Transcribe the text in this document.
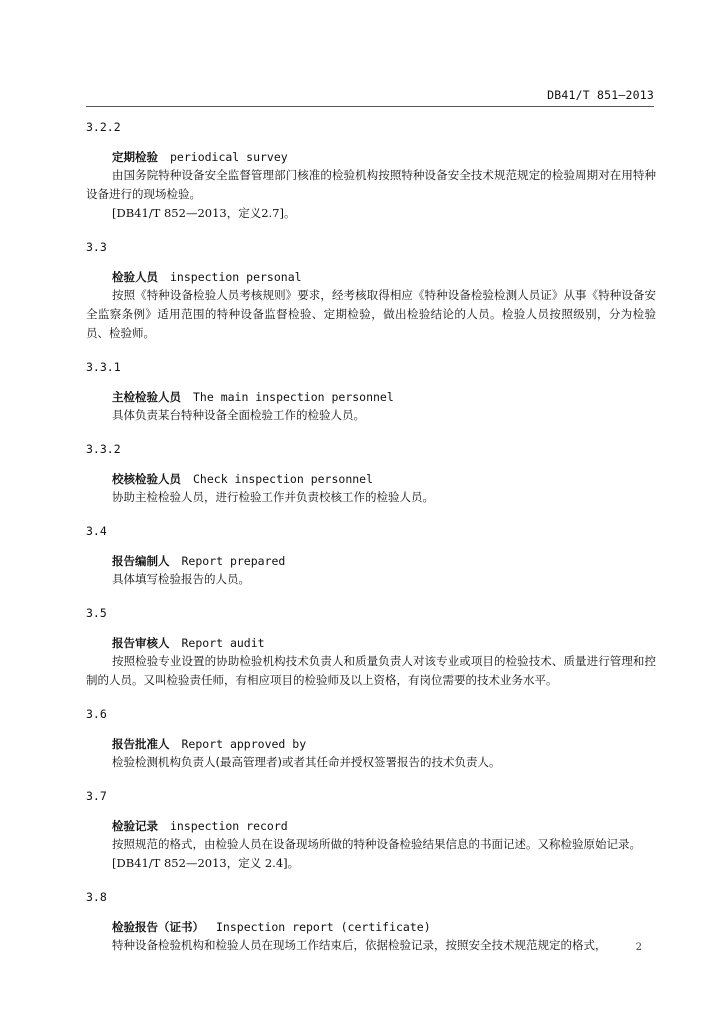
DB41/T 851—2013

3.2.2

定期检验 periodical survey

由国务院特种设备安全监督管理部门核准的检验机构按照特种设备安全技术规范规定的检验周期对在用特种设备进行的现场检验。

[DB41/T 852—2013，定义2.7]。

3.3

检验人员 inspection personal

按照《特种设备检验人员考核规则》要求，经考核取得相应《特种设备检验检测人员证》从事《特种设备安全监察条例》适用范围的特种设备监督检验、定期检验，做出检验结论的人员。检验人员按照级别，分为检验员、检验师。

3.3.1

主检检验人员 The main inspection personnel

具体负责某台特种设备全面检验工作的检验人员。

3.3.2

校核检验人员 Check inspection personnel

协助主检检验人员，进行检验工作并负责校核工作的检验人员。

3.4

报告编制人 Report prepared

具体填写检验报告的人员。

3.5

报告审核人 Report audit

按照检验专业设置的协助检验机构技术负责人和质量负责人对该专业或项目的检验技术、质量进行管理和控制的人员。又叫检验责任师，有相应项目的检验师及以上资格，有岗位需要的技术业务水平。

3.6

报告批准人 Report approved by

检验检测机构负责人(最高管理者)或者其任命并授权签署报告的技术负责人。

3.7

检验记录 inspection record

按照规范的格式，由检验人员在设备现场所做的特种设备检验结果信息的书面记述。又称检验原始记录。

[DB41/T 852—2013，定义 2.4]。

3.8

检验报告（证书） Inspection report (certificate)

特种设备检验机构和检验人员在现场工作结束后，依据检验记录，按照安全技术规范规定的格式，	2
